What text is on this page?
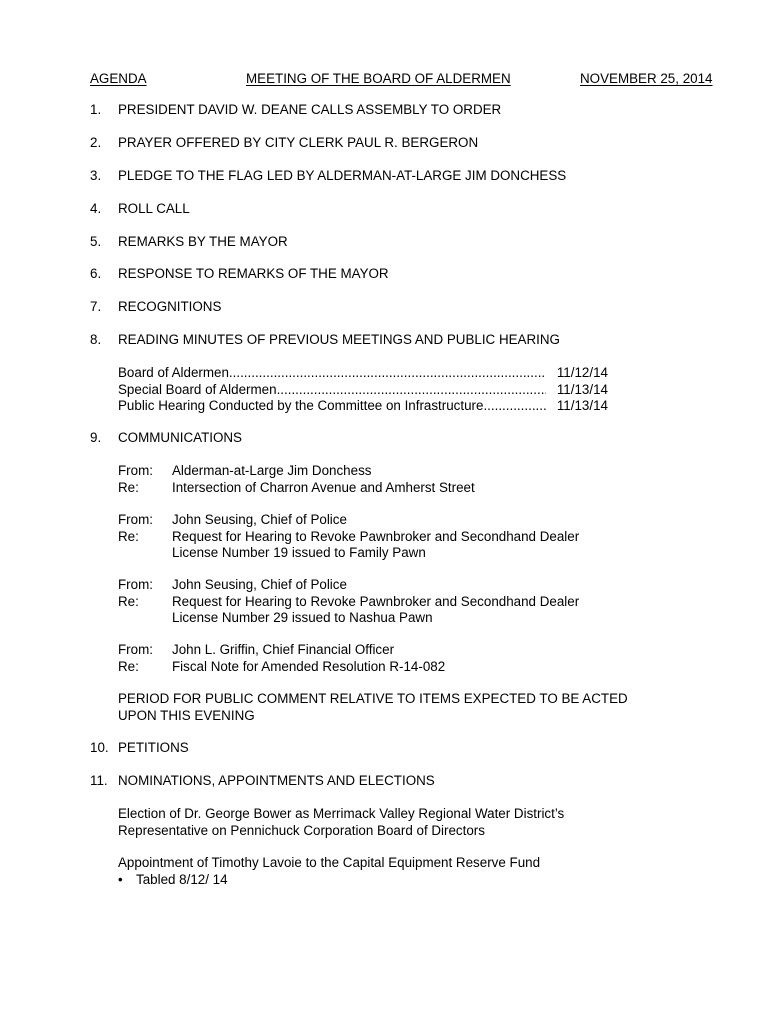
AGENDA	MEETING OF THE BOARD OF ALDERMEN	NOVEMBER 25, 2014
1. PRESIDENT DAVID W. DEANE CALLS ASSEMBLY TO ORDER
2. PRAYER OFFERED BY CITY CLERK PAUL R. BERGERON
3. PLEDGE TO THE FLAG LED BY ALDERMAN-AT-LARGE JIM DONCHESS
4. ROLL CALL
5. REMARKS BY THE MAYOR
6. RESPONSE TO REMARKS OF THE MAYOR
7. RECOGNITIONS
8. READING MINUTES OF PREVIOUS MEETINGS AND PUBLIC HEARING
Board of Aldermen .....	11/12/14
Special Board of Aldermen .....	11/13/14
Public Hearing Conducted by the Committee on Infrastructure .....	11/13/14
9. COMMUNICATIONS
From:	Alderman-at-Large Jim Donchess
Re:	Intersection of Charron Avenue and Amherst Street
From:	John Seusing, Chief of Police
Re:	Request for Hearing to Revoke Pawnbroker and Secondhand Dealer
License Number 19 issued to Family Pawn
From:	John Seusing, Chief of Police
Re:	Request for Hearing to Revoke Pawnbroker and Secondhand Dealer
License Number 29 issued to Nashua Pawn
From:	John L. Griffin, Chief Financial Officer
Re:	Fiscal Note for Amended Resolution R-14-082
PERIOD FOR PUBLIC COMMENT RELATIVE TO ITEMS EXPECTED TO BE ACTED
UPON THIS EVENING
10. PETITIONS
11. NOMINATIONS, APPOINTMENTS AND ELECTIONS
Election of Dr. George Bower as Merrimack Valley Regional Water District’s
Representative on Pennichuck Corporation Board of Directors
Appointment of Timothy Lavoie to the Capital Equipment Reserve Fund
• Tabled 8/12/ 14
